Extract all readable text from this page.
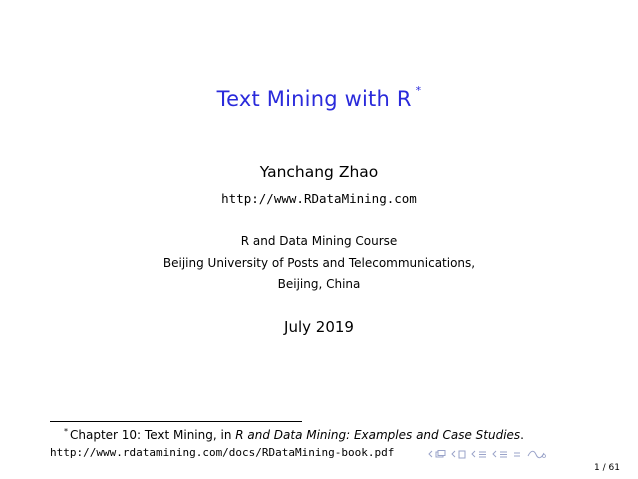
Text Mining with R *
Yanchang Zhao
http://www.RDataMining.com
R and Data Mining Course
Beijing University of Posts and Telecommunications,
Beijing, China
July 2019
* Chapter 10: Text Mining, in R and Data Mining: Examples and Case Studies.
http://www.rdatamining.com/docs/RDataMining-book.pdf
1 / 61
